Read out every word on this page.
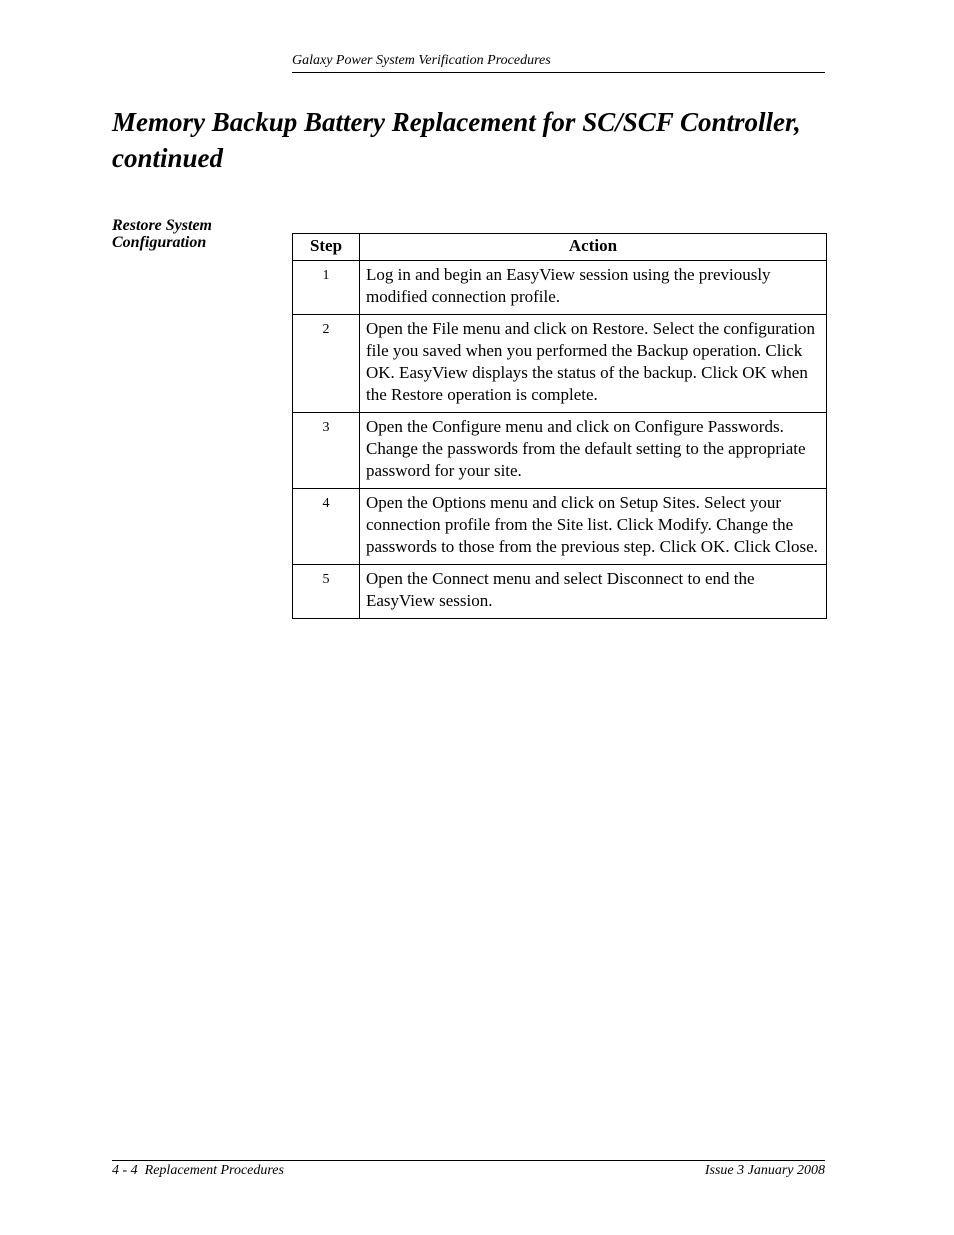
Galaxy Power System Verification Procedures
Memory Backup Battery Replacement for SC/SCF Controller, continued
Restore System Configuration	Step	Action
1	Log in and begin an EasyView session using the previously modified connection profile.
2	Open the File menu and click on Restore. Select the configuration file you saved when you performed the Backup operation. Click OK. EasyView displays the status of the backup. Click OK when the Restore operation is complete.
3	Open the Configure menu and click on Configure Passwords. Change the passwords from the default setting to the appropriate password for your site.
4	Open the Options menu and click on Setup Sites. Select your connection profile from the Site list. Click Modify. Change the passwords to those from the previous step. Click OK. Click Close.
5	Open the Connect menu and select Disconnect to end the EasyView session.
4 - 4  Replacement Procedures	Issue 3 January 2008
